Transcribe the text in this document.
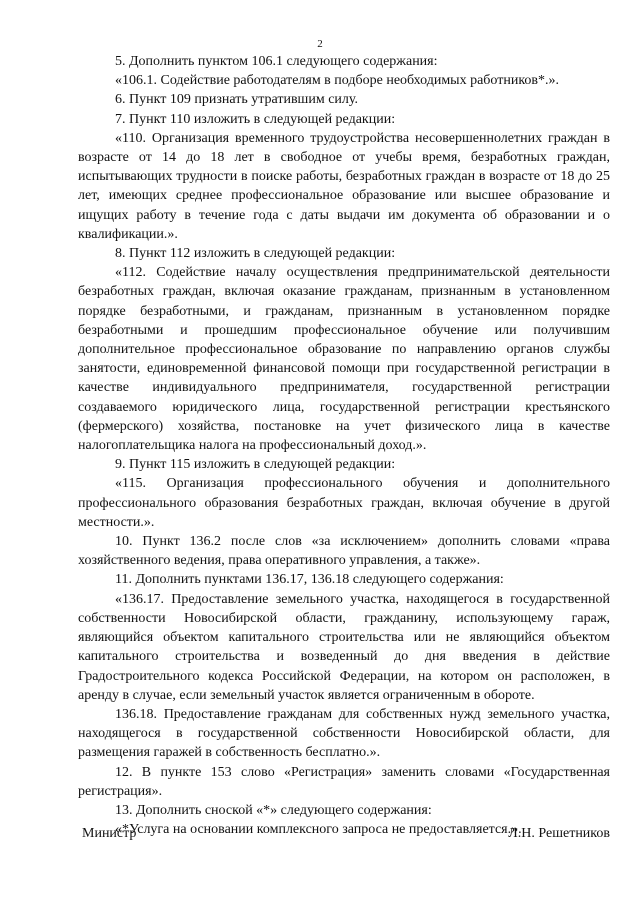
2

5. Дополнить пунктом 106.1 следующего содержания:

«106.1. Содействие работодателям в подборе необходимых работников*.».

6. Пункт 109 признать утратившим силу.

7. Пункт 110 изложить в следующей редакции:

«110. Организация временного трудоустройства несовершеннолетних граждан в возрасте от 14 до 18 лет в свободное от учебы время, безработных граждан, испытывающих трудности в поиске работы, безработных граждан в возрасте от 18 до 25 лет, имеющих среднее профессиональное образование или высшее образование и ищущих работу в течение года с даты выдачи им документа об образовании и о квалификации.».

8. Пункт 112 изложить в следующей редакции:

«112. Содействие началу осуществления предпринимательской деятельности безработных граждан, включая оказание гражданам, признанным в установленном порядке безработными, и гражданам, признанным в установленном порядке безработными и прошедшим профессиональное обучение или получившим дополнительное профессиональное образование по направлению органов службы занятости, единовременной финансовой помощи при государственной регистрации в качестве индивидуального предпринимателя, государственной регистрации создаваемого юридического лица, государственной регистрации крестьянского (фермерского) хозяйства, постановке на учет физического лица в качестве налогоплательщика налога на профессиональный доход.».

9. Пункт 115 изложить в следующей редакции:

«115. Организация профессионального обучения и дополнительного профессионального образования безработных граждан, включая обучение в другой местности.».

10. Пункт 136.2 после слов «за исключением» дополнить словами «права хозяйственного ведения, права оперативного управления, а также».

11. Дополнить пунктами 136.17, 136.18 следующего содержания:

«136.17. Предоставление земельного участка, находящегося в государственной собственности Новосибирской области, гражданину, использующему гараж, являющийся объектом капитального строительства или не являющийся объектом капитального строительства и возведенный до дня введения в действие Градостроительного кодекса Российской Федерации, на котором он расположен, в аренду в случае, если земельный участок является ограниченным в обороте.

136.18. Предоставление гражданам для собственных нужд земельного участка, находящегося в государственной собственности Новосибирской области, для размещения гаражей в собственность бесплатно.».

12. В пункте 153 слово «Регистрация» заменить словами «Государственная регистрация».

13. Дополнить сноской «*» следующего содержания:

«*Услуга на основании комплексного запроса не предоставляется.».

Министр	Л.Н. Решетников
